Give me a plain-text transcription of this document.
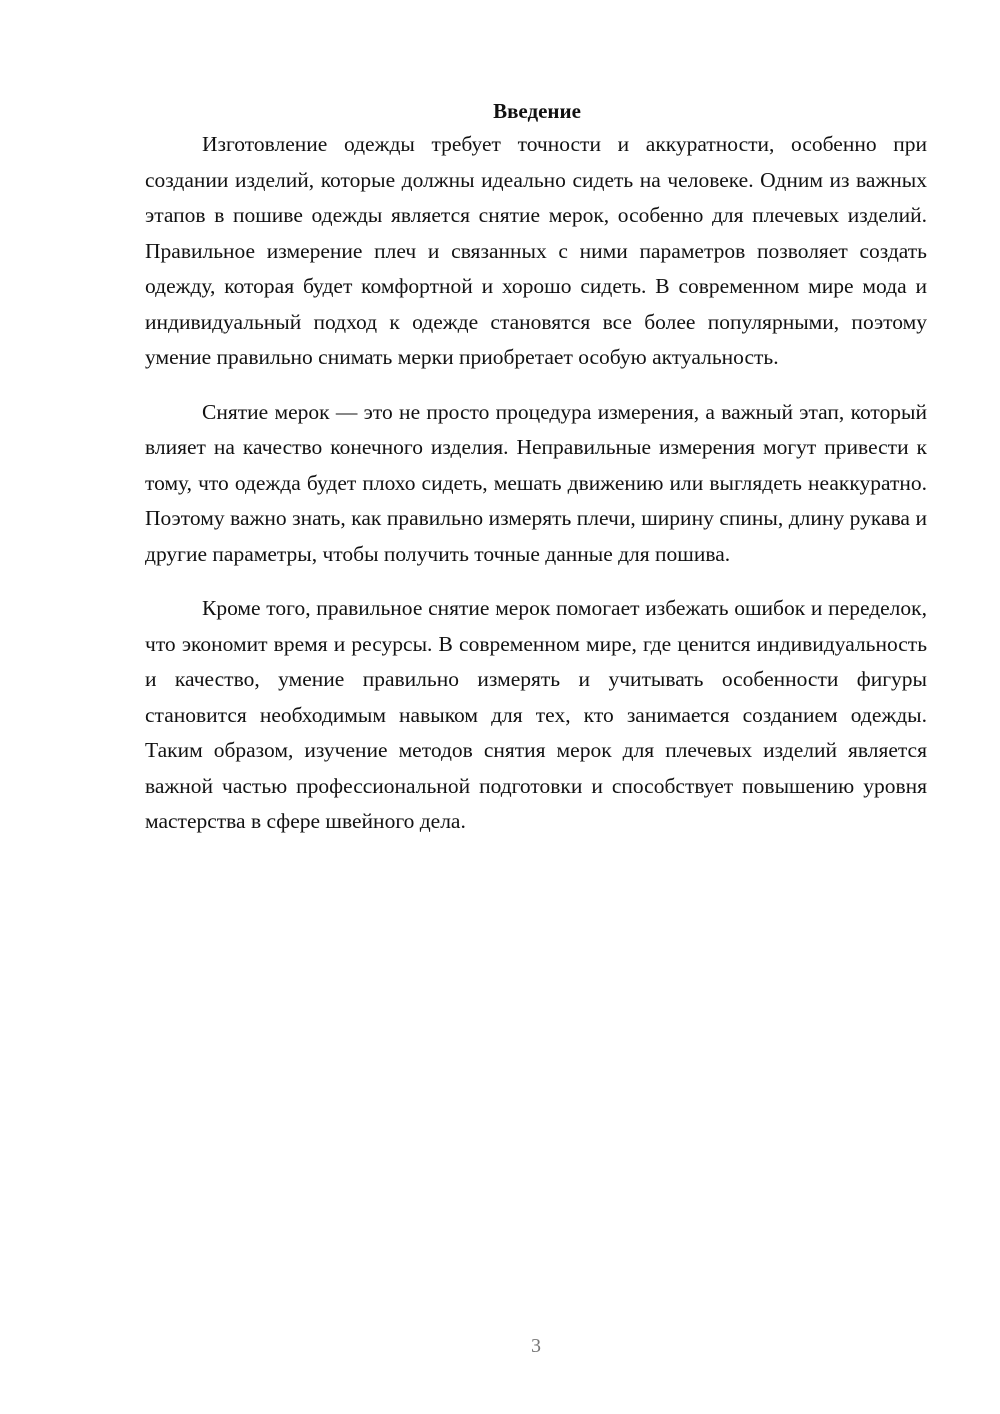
Введение

Изготовление одежды требует точности и аккуратности, особенно при создании изделий, которые должны идеально сидеть на человеке. Одним из важных этапов в пошиве одежды является снятие мерок, особенно для плечевых изделий. Правильное измерение плеч и связанных с ними параметров позволяет создать одежду, которая будет комфортной и хорошо сидеть. В современном мире мода и индивидуальный подход к одежде становятся все более популярными, поэтому умение правильно снимать мерки приобретает особую актуальность.

Снятие мерок — это не просто процедура измерения, а важный этап, который влияет на качество конечного изделия. Неправильные измерения могут привести к тому, что одежда будет плохо сидеть, мешать движению или выглядеть неаккуратно. Поэтому важно знать, как правильно измерять плечи, ширину спины, длину рукава и другие параметры, чтобы получить точные данные для пошива.

Кроме того, правильное снятие мерок помогает избежать ошибок и переделок, что экономит время и ресурсы. В современном мире, где ценится индивидуальность и качество, умение правильно измерять и учитывать особенности фигуры становится необходимым навыком для тех, кто занимается созданием одежды. Таким образом, изучение методов снятия мерок для плечевых изделий является важной частью профессиональной подготовки и способствует повышению уровня мастерства в сфере швейного дела.

3
